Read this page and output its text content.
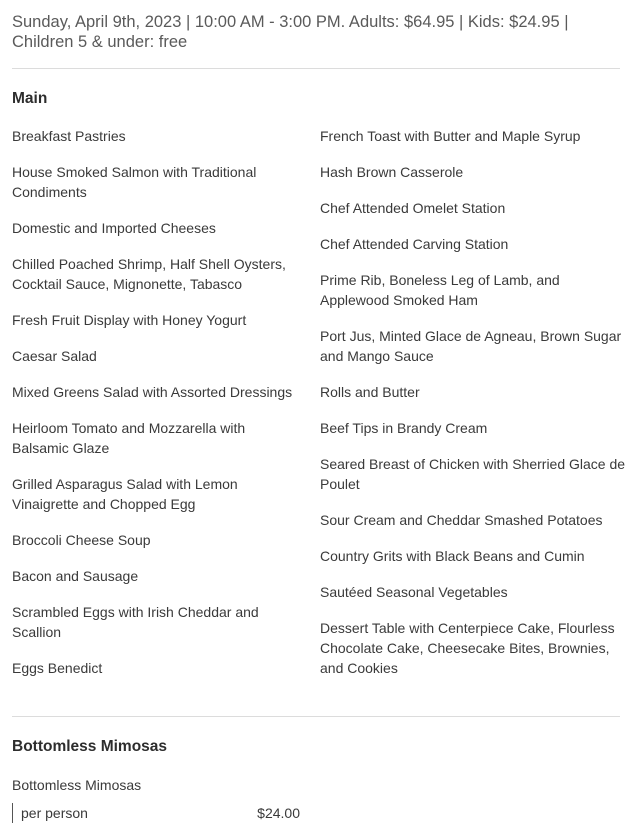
Sunday, April 9th, 2023 | 10:00 AM - 3:00 PM. Adults: $64.95 | Kids: $24.95 | Children 5 & under: free

Main
Breakfast Pastries
House Smoked Salmon with Traditional Condiments
Domestic and Imported Cheeses
Chilled Poached Shrimp, Half Shell Oysters, Cocktail Sauce, Mignonette, Tabasco
Fresh Fruit Display with Honey Yogurt
Caesar Salad
Mixed Greens Salad with Assorted Dressings
Heirloom Tomato and Mozzarella with Balsamic Glaze
Grilled Asparagus Salad with Lemon Vinaigrette and Chopped Egg
Broccoli Cheese Soup
Bacon and Sausage
Scrambled Eggs with Irish Cheddar and Scallion
Eggs Benedict
French Toast with Butter and Maple Syrup
Hash Brown Casserole
Chef Attended Omelet Station
Chef Attended Carving Station
Prime Rib, Boneless Leg of Lamb, and Applewood Smoked Ham
Port Jus, Minted Glace de Agneau, Brown Sugar and Mango Sauce
Rolls and Butter
Beef Tips in Brandy Cream
Seared Breast of Chicken with Sherried Glace de Poulet
Sour Cream and Cheddar Smashed Potatoes
Country Grits with Black Beans and Cumin
Sautéed Seasonal Vegetables
Dessert Table with Centerpiece Cake, Flourless Chocolate Cake, Cheesecake Bites, Brownies, and Cookies
Bottomless Mimosas
Bottomless Mimosas
per person	$24.00
